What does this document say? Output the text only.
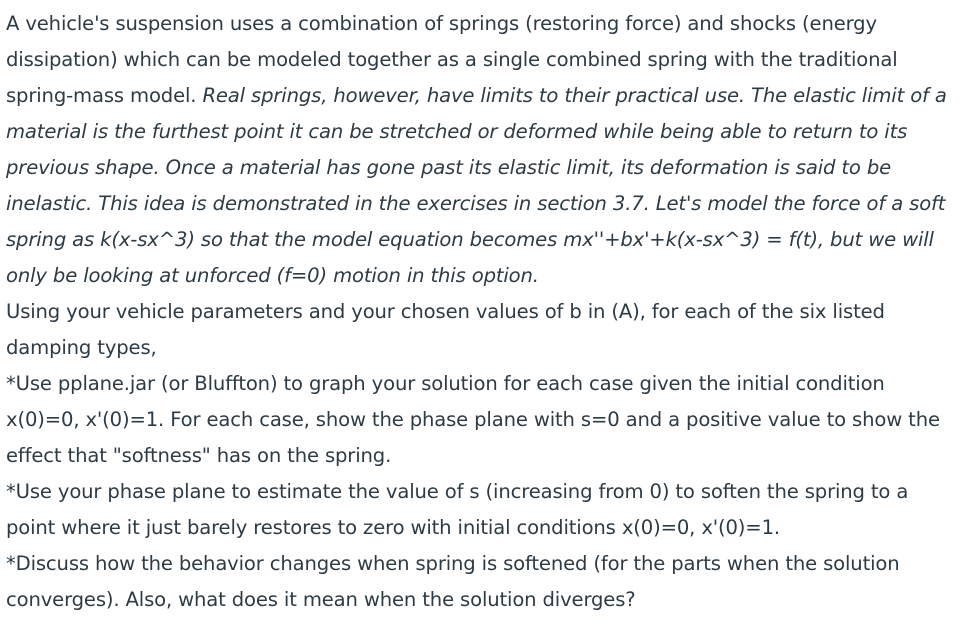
A vehicle's suspension uses a combination of springs (restoring force) and shocks (energy dissipation) which can be modeled together as a single combined spring with the traditional spring-mass model. Real springs, however, have limits to their practical use. The elastic limit of a material is the furthest point it can be stretched or deformed while being able to return to its previous shape. Once a material has gone past its elastic limit, its deformation is said to be inelastic. This idea is demonstrated in the exercises in section 3.7. Let's model the force of a soft spring as k(x-sx^3) so that the model equation becomes mx''+bx'+k(x-sx^3) = f(t), but we will only be looking at unforced (f=0) motion in this option.

Using your vehicle parameters and your chosen values of b in (A), for each of the six listed damping types,

*Use pplane.jar (or Bluffton) to graph your solution for each case given the initial condition x(0)=0, x'(0)=1. For each case, show the phase plane with s=0 and a positive value to show the effect that "softness" has on the spring.

*Use your phase plane to estimate the value of s (increasing from 0) to soften the spring to a point where it just barely restores to zero with initial conditions x(0)=0, x'(0)=1.

*Discuss how the behavior changes when spring is softened (for the parts when the solution converges). Also, what does it mean when the solution diverges?
